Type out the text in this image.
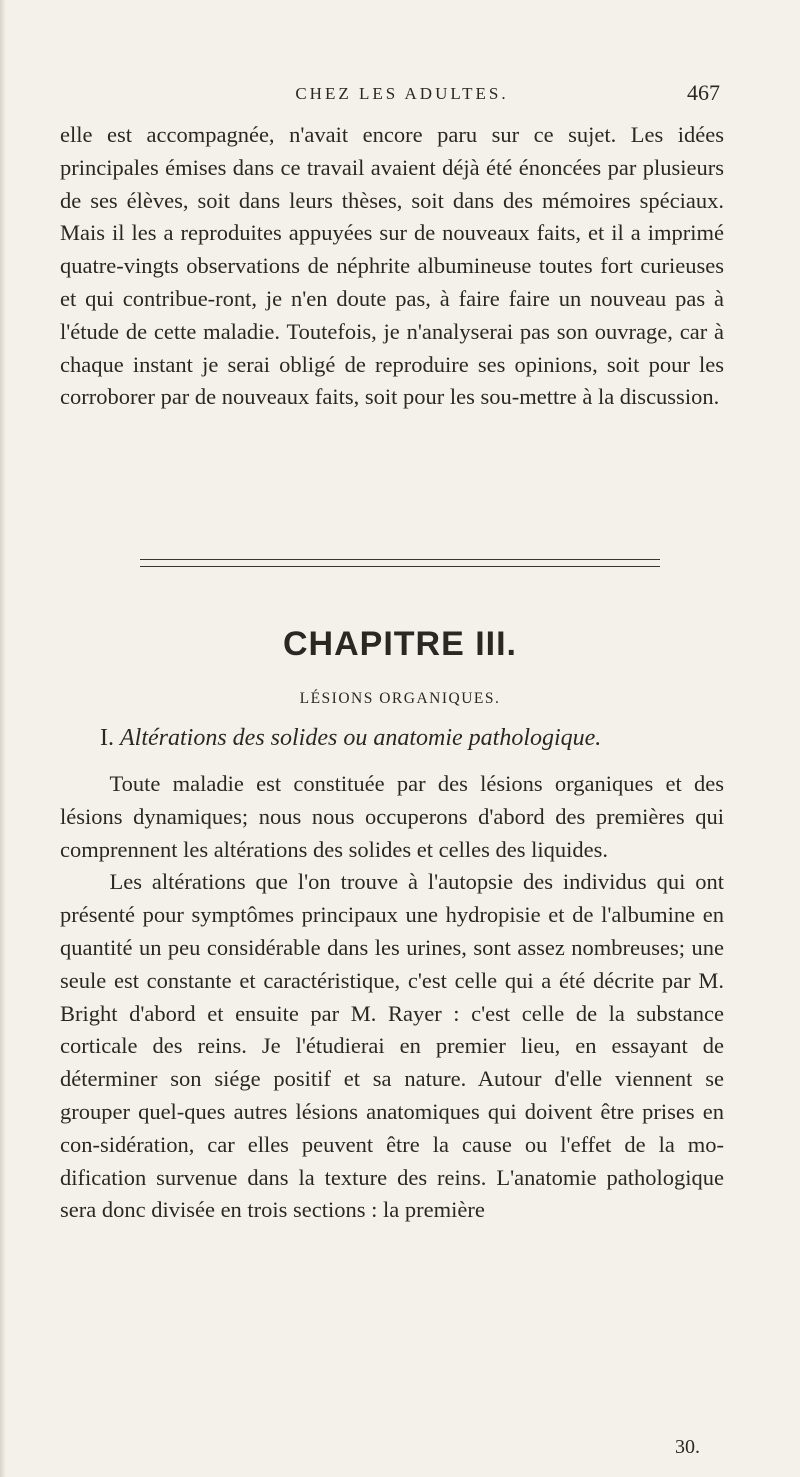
CHEZ LES ADULTES.	467

elle est accompagnée, n'avait encore paru sur ce sujet. Les idées principales émises dans ce travail avaient déjà été énoncées par plusieurs de ses élèves, soit dans leurs thèses, soit dans des mémoires spéciaux. Mais il les a reproduites appuyées sur de nouveaux faits, et il a imprimé quatre-vingts observations de néphrite albumineuse toutes fort curieuses et qui contribue-ront, je n'en doute pas, à faire faire un nouveau pas à l'étude de cette maladie. Toutefois, je n'analyserai pas son ouvrage, car à chaque instant je serai obligé de reproduire ses opinions, soit pour les corroborer par de nouveaux faits, soit pour les sou-mettre à la discussion.

CHAPITRE III.
LÉSIONS ORGANIQUES.
I. Altérations des solides ou anatomie pathologique.

Toute maladie est constituée par des lésions organiques et des lésions dynamiques; nous nous occuperons d'abord des premières qui comprennent les altérations des solides et celles des liquides.

Les altérations que l'on trouve à l'autopsie des individus qui ont présenté pour symptômes principaux une hydropisie et de l'albumine en quantité un peu considérable dans les urines, sont assez nombreuses; une seule est constante et caractéristique, c'est celle qui a été décrite par M. Bright d'abord et ensuite par M. Rayer : c'est celle de la substance corticale des reins. Je l'étudierai en premier lieu, en essayant de déterminer son siége positif et sa nature. Autour d'elle viennent se grouper quel-ques autres lésions anatomiques qui doivent être prises en con-sidération, car elles peuvent être la cause ou l'effet de la mo-dification survenue dans la texture des reins. L'anatomie pathologique sera donc divisée en trois sections : la première

30.
